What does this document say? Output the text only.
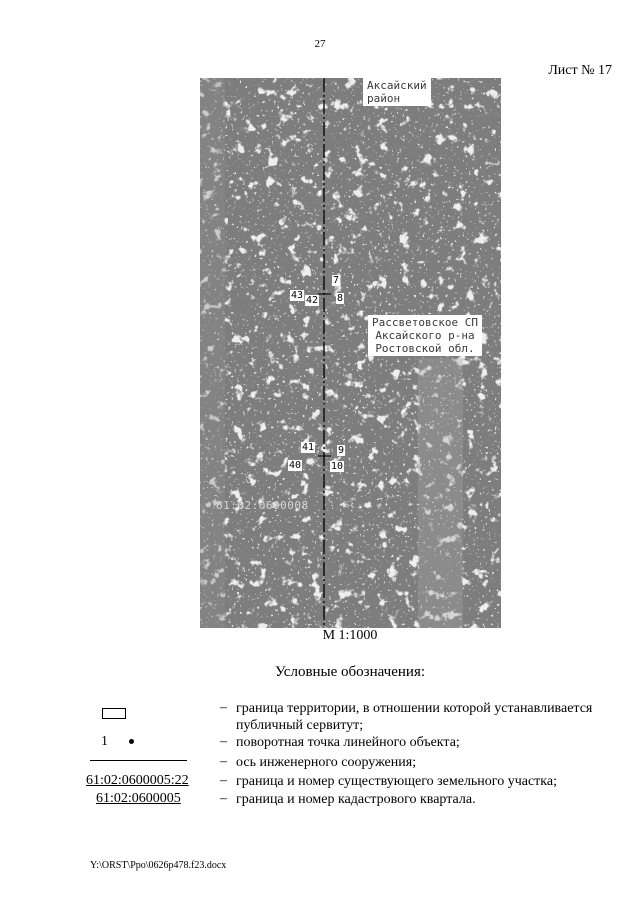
27
Лист № 17
Аксайский
район
Рассветовское СП
Аксайского р-на
Ростовской обл.
61:02:0600008
7
43 42 8
41 9
40	10
М 1:1000
Условные обозначения:
– граница территории, в отношении которой устанавливается публичный сервитут;
1	– поворотная точка линейного объекта;
– ось инженерного сооружения;
61:02:0600005:22	– граница и номер существующего земельного участка;
61:02:0600005	– граница и номер кадастрового квартала.
Y:\ORST\Ppo\0626p478.f23.docx
